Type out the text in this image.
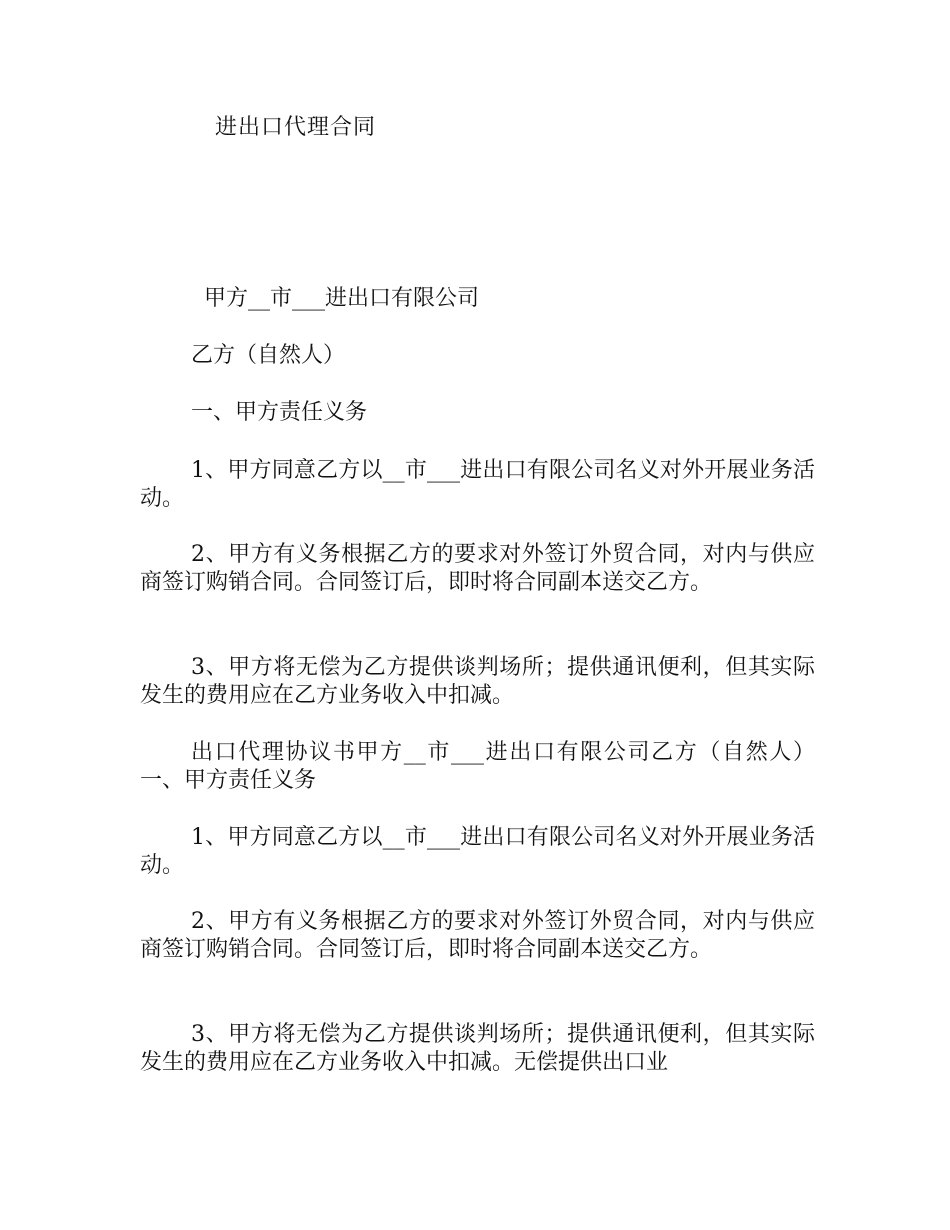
进出口代理合同
甲方__市___进出口有限公司
乙方（自然人）
一、甲方责任义务
1、甲方同意乙方以__市___进出口有限公司名义对外开展业务活动。
2、甲方有义务根据乙方的要求对外签订外贸合同，对内与供应商签订购销合同。合同签订后，即时将合同副本送交乙方。
3、甲方将无偿为乙方提供谈判场所；提供通讯便利，但其实际发生的费用应在乙方业务收入中扣减。
出口代理协议书甲方__市___进出口有限公司乙方（自然人）一、甲方责任义务
1、甲方同意乙方以__市___进出口有限公司名义对外开展业务活动。
2、甲方有义务根据乙方的要求对外签订外贸合同，对内与供应商签订购销合同。合同签订后，即时将合同副本送交乙方。
3、甲方将无偿为乙方提供谈判场所；提供通讯便利，但其实际发生的费用应在乙方业务收入中扣减。无偿提供出口业
